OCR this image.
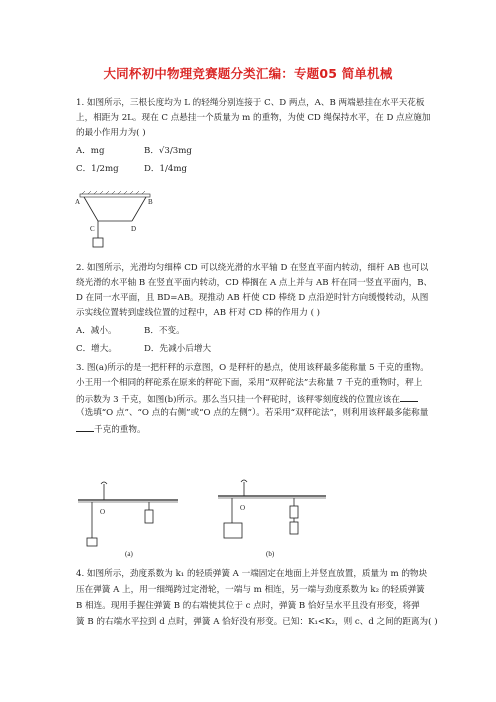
大同杯初中物理竞赛题分类汇编：专题05 简单机械
1. 如图所示，三根长度均为 L 的轻绳分别连接于 C、D 两点，A、B 两端悬挂在水平天花板
上，相距为 2L。现在 C 点悬挂一个质量为 m 的重物，为使 CD 绳保持水平，在 D 点应施加
的最小作用力为( )
A．mg	B．√3/3mg
C．1/2mg	D．1/4mg
A	B
C	D
2. 如图所示，光滑均匀细棒 CD 可以绕光滑的水平轴 D 在竖直平面内转动，细杆 AB 也可以
绕光滑的水平轴 B 在竖直平面内转动，CD 棒搁在 A 点上并与 AB 杆在同一竖直平面内，B、
D 在同一水平面，且 BD=AB。现推动 AB 杆使 CD 棒绕 D 点沿逆时针方向缓慢转动，从图
示实线位置转到虚线位置的过程中，AB 杆对 CD 棒的作用力 ( )
A．减小。	B．不变。
C．增大。	D．先减小后增大
3. 图(a)所示的是一把杆秤的示意图，O 是秤杆的悬点，使用该秤最多能称量 5 千克的重物。
小王用一个相同的秤砣系在原来的秤砣下面，采用“双秤砣法”去称量 7 千克的重物时，秤上
的示数为 3 千克，如图(b)所示。那么当只挂一个秤砣时，该秤零刻度线的位置应该在
（选填“O 点”、“O 点的右侧”或“O 点的左侧”）。若采用“双秤砣法”，则利用该秤最多能称量
千克的重物。
O
(a)
O
(b)
4. 如图所示，劲度系数为 k₁ 的轻质弹簧 A 一端固定在地面上并竖直放置，质量为 m 的物块
压在弹簧 A 上，用一细绳跨过定滑轮，一端与 m 相连，另一端与劲度系数为 k₂ 的轻质弹簧
B 相连。现用手握住弹簧 B 的右端使其位于 c 点时，弹簧 B 恰好呈水平且没有形变，将弹
簧 B 的右端水平拉到 d 点时，弹簧 A 恰好没有形变。已知：K₁<K₂，则 c、d 之间的距离为( )
